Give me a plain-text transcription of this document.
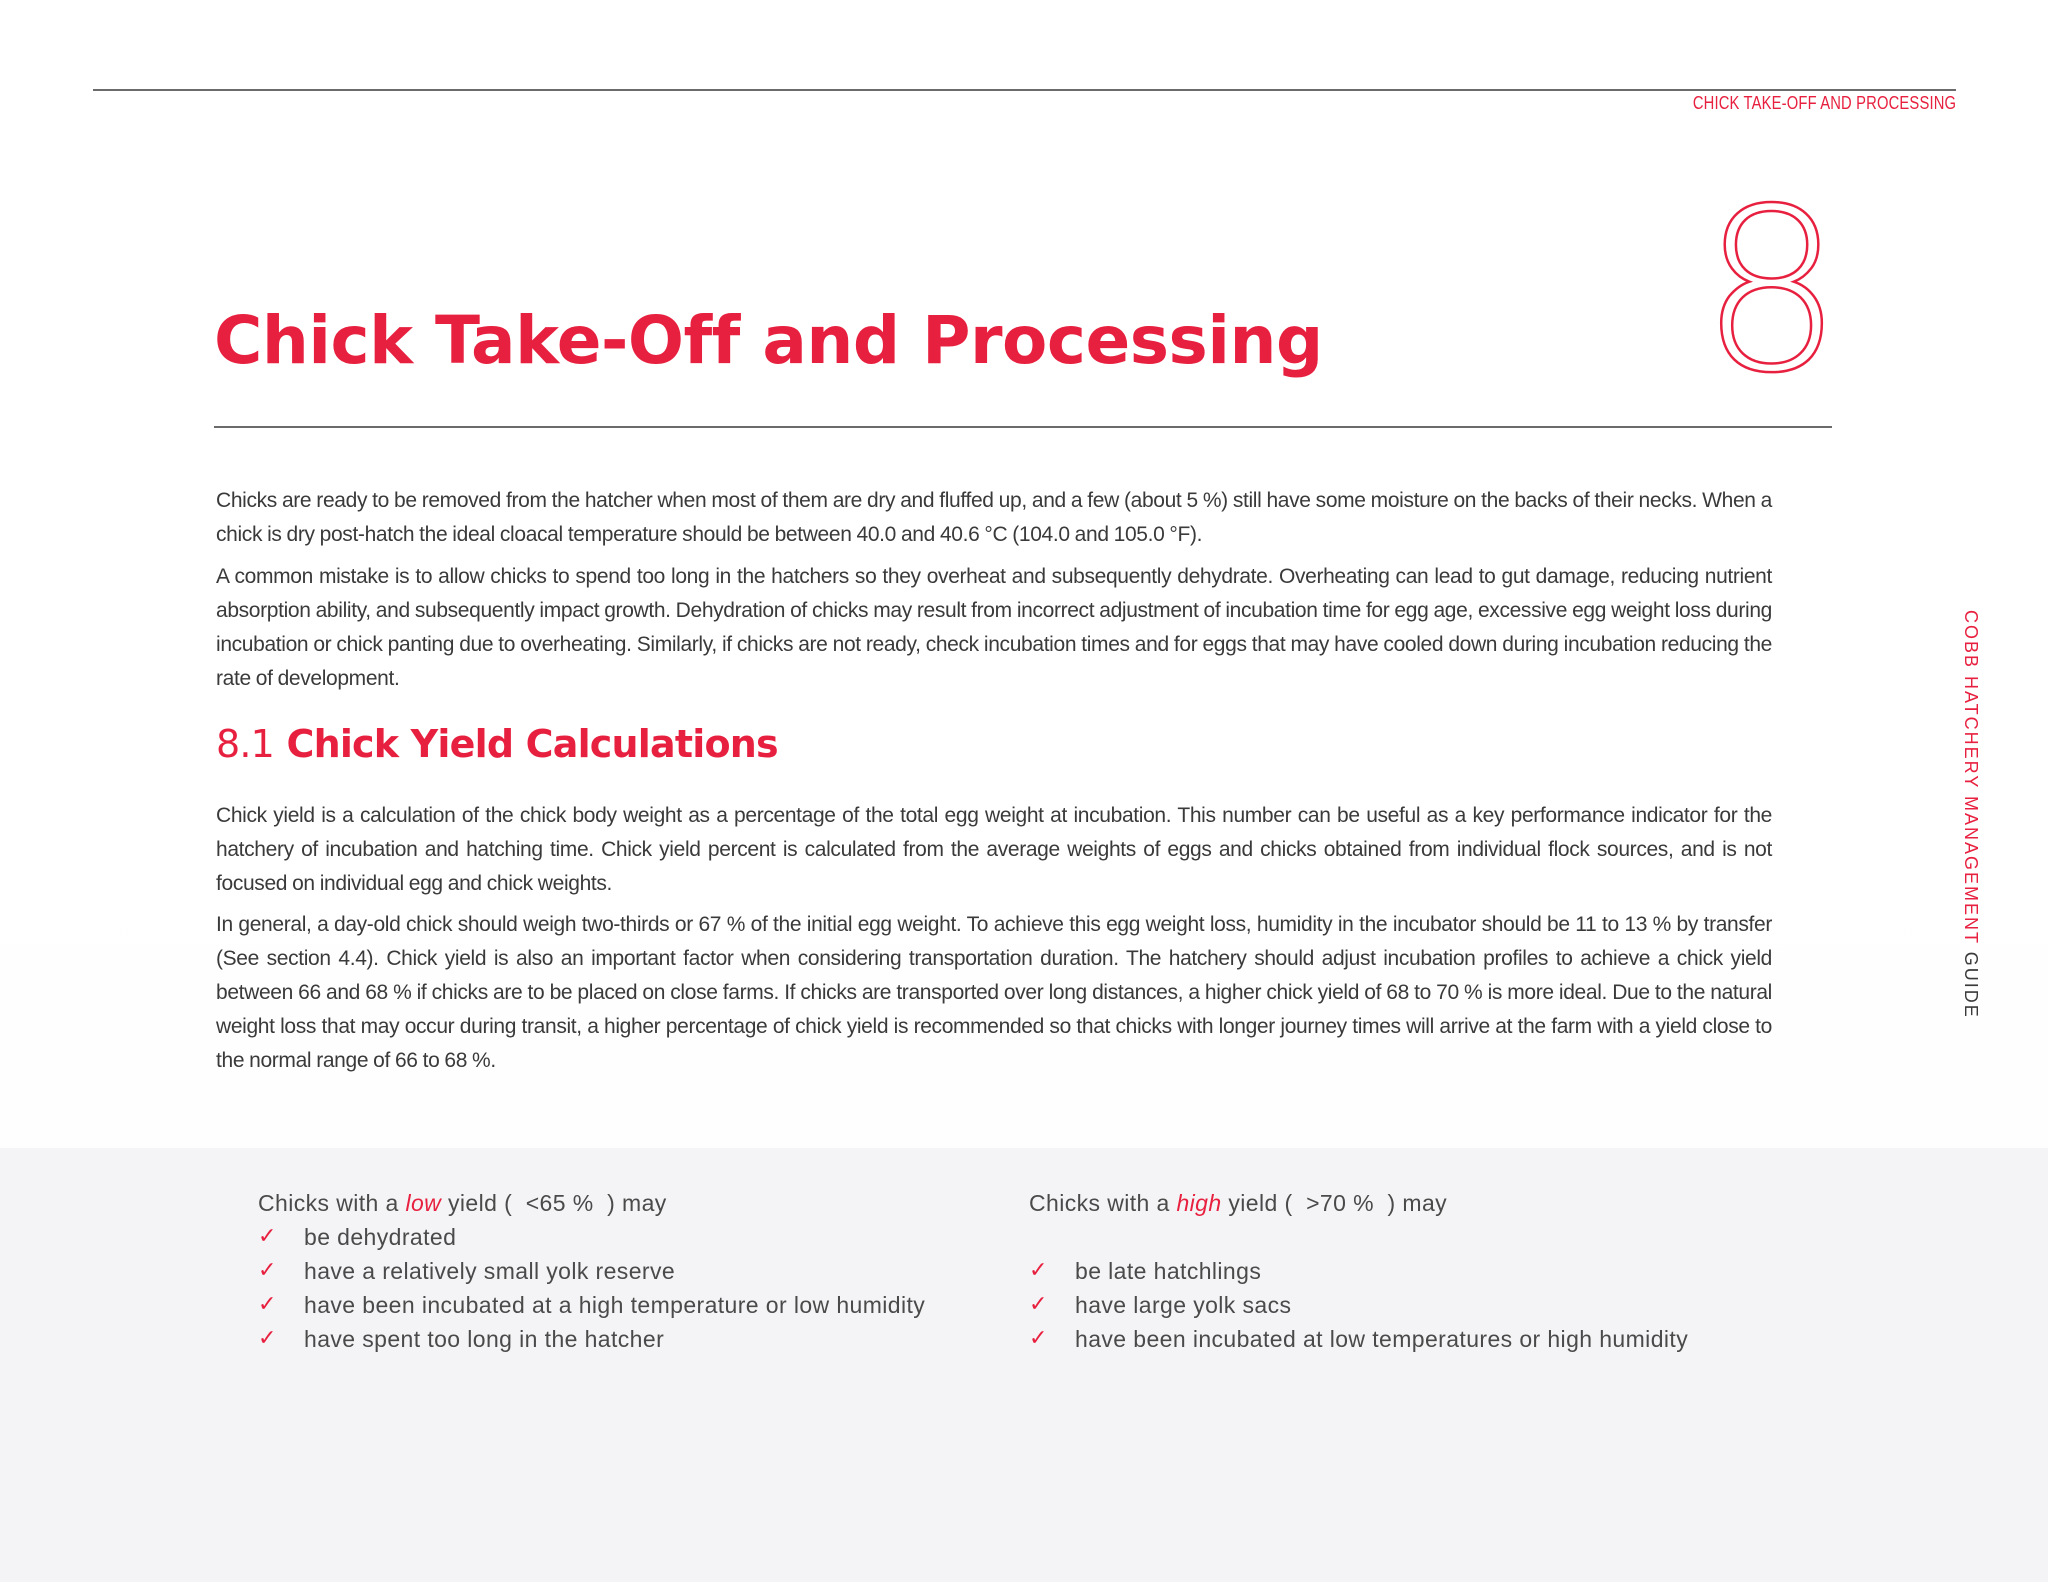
CHICK TAKE-OFF AND PROCESSING
8
Chick Take-Off and Processing
COBB HATCHERY MANAGEMENT GUIDE

Chicks are ready to be removed from the hatcher when most of them are dry and fluffed up, and a few (about 5 %) still have some moisture on the backs of their necks. When a chick is dry post-hatch the ideal cloacal temperature should be between 40.0 and 40.6 °C (104.0 and 105.0 °F).

A common mistake is to allow chicks to spend too long in the hatchers so they overheat and subsequently dehydrate. Overheating can lead to gut damage, reducing nutrient absorption ability, and subsequently impact growth. Dehydration of chicks may result from incorrect adjustment of incubation time for egg age, excessive egg weight loss during incubation or chick panting due to overheating. Similarly, if chicks are not ready, check incubation times and for eggs that may have cooled down during incubation reducing the rate of development.

8.1 Chick Yield Calculations

Chick yield is a calculation of the chick body weight as a percentage of the total egg weight at incubation. This number can be useful as a key performance indicator for the hatchery of incubation and hatching time. Chick yield percent is calculated from the average weights of eggs and chicks obtained from individual flock sources, and is not focused on individual egg and chick weights.

In general, a day-old chick should weigh two-thirds or 67 % of the initial egg weight. To achieve this egg weight loss, humidity in the incubator should be 11 to 13 % by transfer (See section 4.4). Chick yield is also an important factor when considering transportation duration. The hatchery should adjust incubation profiles to achieve a chick yield between 66 and 68 % if chicks are to be placed on close farms. If chicks are transported over long distances, a higher chick yield of 68 to 70 % is more ideal. Due to the natural weight loss that may occur during transit, a higher percentage of chick yield is recommended so that chicks with longer journey times will arrive at the farm with a yield close to the normal range of 66 to 68 %.

Chicks with a low yield (  <65 %  ) may
✓ be dehydrated
✓ have a relatively small yolk reserve
✓ have been incubated at a high temperature or low humidity
✓ have spent too long in the hatcher
Chicks with a high yield (  >70 %  ) may
✓ be late hatchlings
✓ have large yolk sacs
✓ have been incubated at low temperatures or high humidity
